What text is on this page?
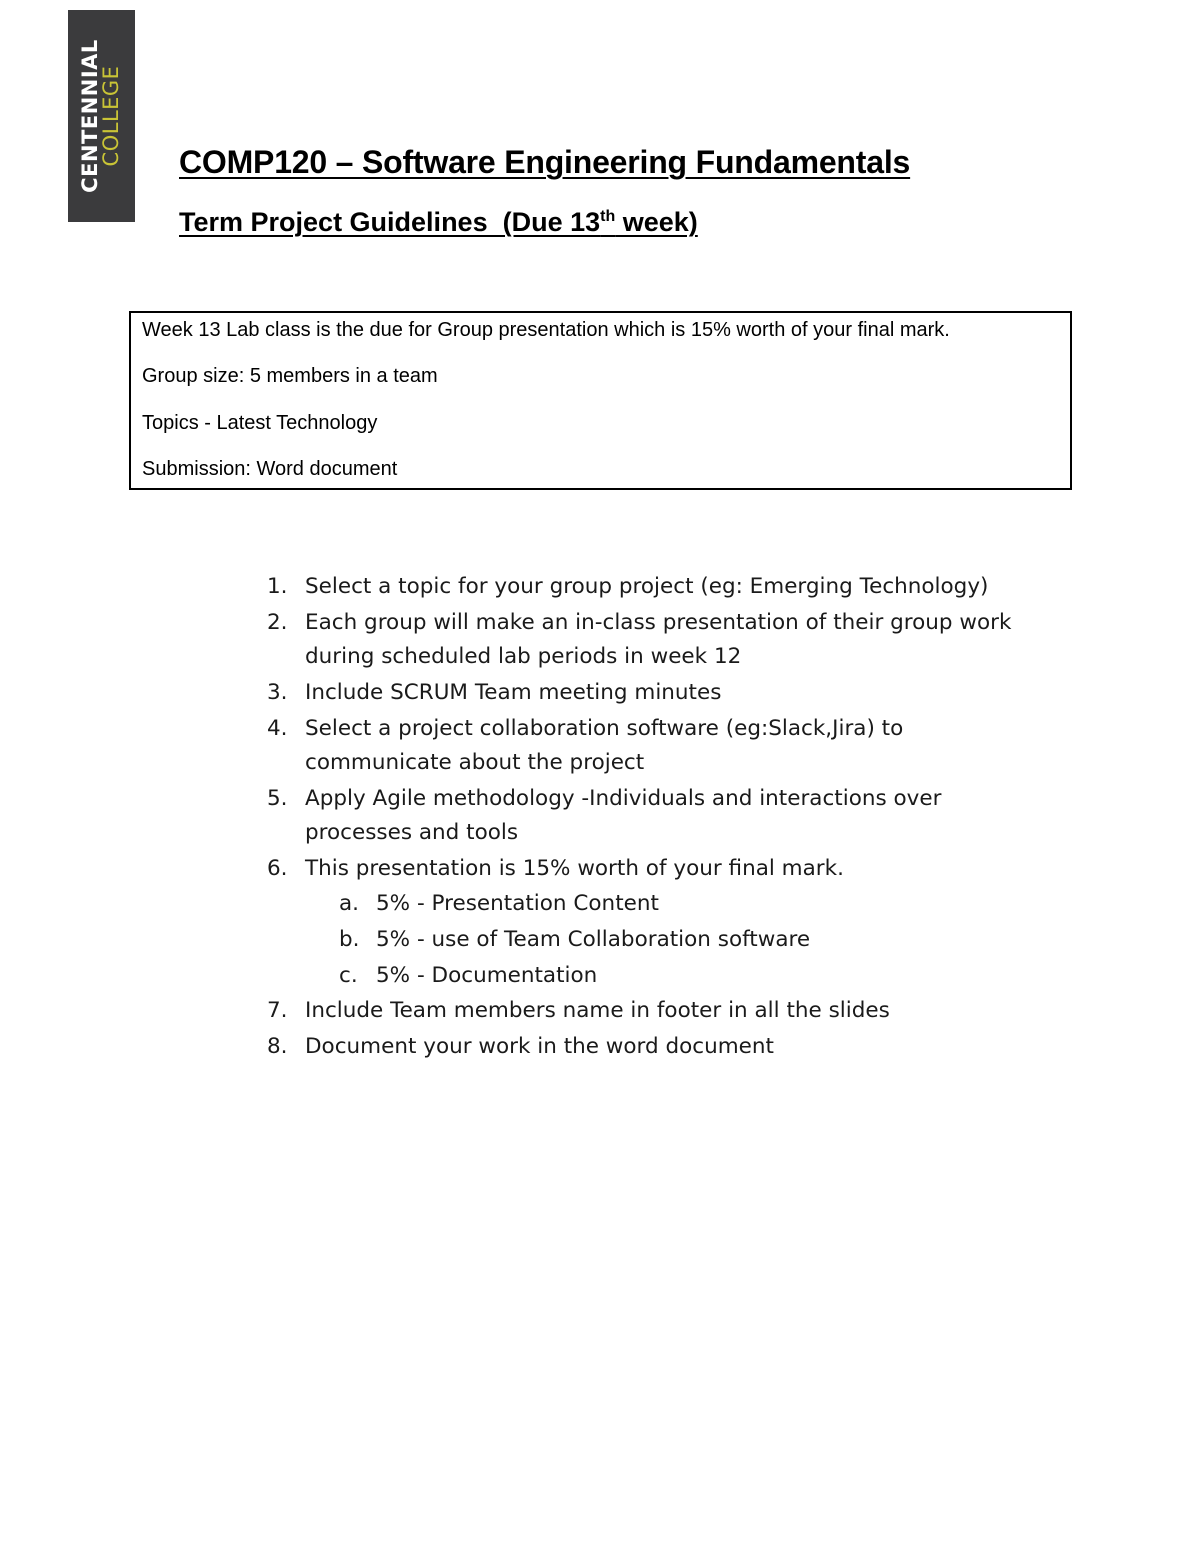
CENTENNIAL
COLLEGE COMP120 – Software Engineering Fundamentals
Term Project Guidelines  (Due 13th week)
Week 13 Lab class is the due for Group presentation which is 15% worth of your final mark.
Group size: 5 members in a team
Topics - Latest Technology
Submission: Word document
1. Select a topic for your group project (eg: Emerging Technology)
2. Each group will make an in-class presentation of their group work
during scheduled lab periods in week 12
3. Include SCRUM Team meeting minutes
4. Select a project collaboration software (eg:Slack,Jira) to
communicate about the project
5. Apply Agile methodology -Individuals and interactions over
processes and tools
6. This presentation is 15% worth of your final mark.
a. 5% - Presentation Content
b. 5% - use of Team Collaboration software
c. 5% - Documentation
7. Include Team members name in footer in all the slides
8. Document your work in the word document
